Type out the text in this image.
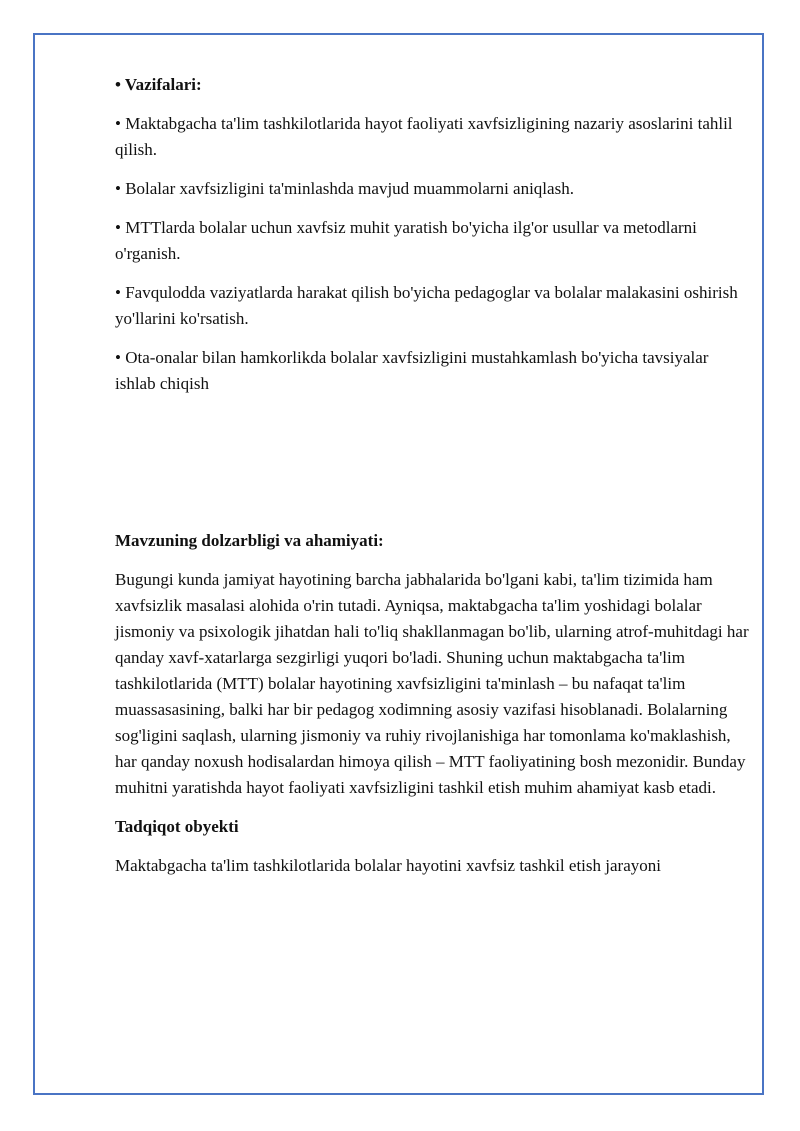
• Vazifalari:

• Maktabgacha ta'lim tashkilotlarida hayot faoliyati xavfsizligining nazariy asoslarini tahlil qilish.

• Bolalar xavfsizligini ta'minlashda mavjud muammolarni aniqlash.

• MTTlarda bolalar uchun xavfsiz muhit yaratish bo'yicha ilg'or usullar va metodlarni o'rganish.

• Favqulodda vaziyatlarda harakat qilish bo'yicha pedagoglar va bolalar malakasini oshirish yo'llarini ko'rsatish.

• Ota-onalar bilan hamkorlikda bolalar xavfsizligini mustahkamlash bo'yicha tavsiyalar ishlab chiqish

Mavzuning dolzarbligi va ahamiyati:

Bugungi kunda jamiyat hayotining barcha jabhalarida bo'lgani kabi, ta'lim tizimida ham xavfsizlik masalasi alohida o'rin tutadi. Ayniqsa, maktabgacha ta'lim yoshidagi bolalar jismoniy va psixologik jihatdan hali to'liq shakllanmagan bo'lib, ularning atrof-muhitdagi har qanday xavf-xatarlarga sezgirligi yuqori bo'ladi. Shuning uchun maktabgacha ta'lim tashkilotlarida (MTT) bolalar hayotining xavfsizligini ta'minlash – bu nafaqat ta'lim muassasasining, balki har bir pedagog xodimning asosiy vazifasi hisoblanadi. Bolalarning sog'ligini saqlash, ularning jismoniy va ruhiy rivojlanishiga har tomonlama ko'maklashish, har qanday noxush hodisalardan himoya qilish – MTT faoliyatining bosh mezonidir. Bunday muhitni yaratishda hayot faoliyati xavfsizligini tashkil etish muhim ahamiyat kasb etadi.

Tadqiqot obyekti

Maktabgacha ta'lim tashkilotlarida bolalar hayotini xavfsiz tashkil etish jarayoni
